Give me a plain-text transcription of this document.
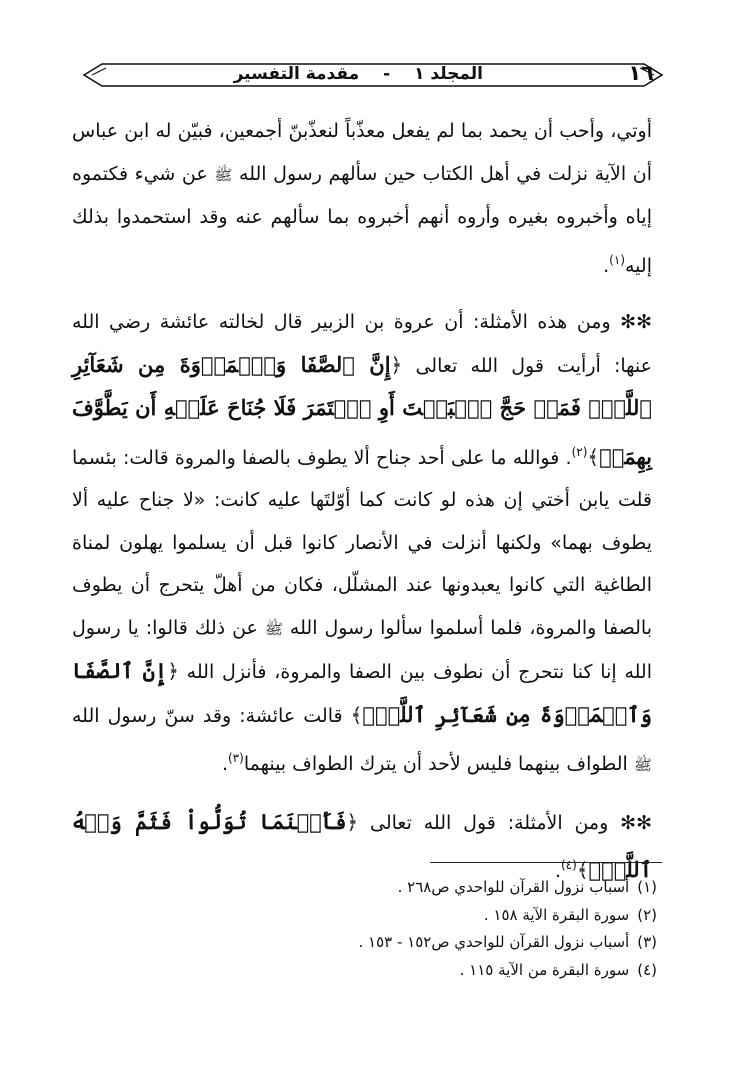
١٦
المجلد ١ - مقدمة التفسير

أوتي، وأحب أن يحمد بما لم يفعل معذّباً لنعذّبنّ أجمعين، فبيّن له ابن عباس أن الآية نزلت في أهل الكتاب حين سألهم رسول الله ﷺ عن شيء فكتموه إياه وأخبروه بغيره وأروه أنهم أخبروه بما سألهم عنه وقد استحمدوا بذلك إليه$^{(١)}$.

✻✻ ومن هذه الأمثلة: أن عروة بن الزبير قال لخالته عائشة رضي الله عنها: أرأيت قول الله تعالى ﴿إِنَّ ٱلصَّفَا وَٱلۡمَرۡوَةَ مِن شَعَآئِرِ ٱللَّهِۖ فَمَنۡ حَجَّ ٱلۡبَيۡتَ أَوِ ٱعۡتَمَرَ فَلَا جُنَاحَ عَلَيۡهِ أَن يَطَّوَّفَ بِهِمَاۚ﴾$^{(٢)}$. فوالله ما على أحد جناح ألا يطوف بالصفا والمروة قالت: بئسما قلت يابن أختي إن هذه لو كانت كما أوّلتَها عليه كانت: «لا جناح عليه ألا يطوف بهما» ولكنها أنزلت في الأنصار كانوا قبل أن يسلموا يهلون لمناة الطاغية التي كانوا يعبدونها عند المشلّل، فكان من أهلّ يتحرج أن يطوف بالصفا والمروة، فلما أسلموا سألوا رسول الله ﷺ عن ذلك قالوا: يا رسول الله إنا كنا نتحرج أن نطوف بين الصفا والمروة، فأنزل الله ﴿إِنَّ ٱلصَّفَا وَٱلۡمَرۡوَةَ مِن شَعَآئِرِ ٱللَّهِۖ﴾ قالت عائشة: وقد سنّ رسول الله ﷺ الطواف بينهما فليس لأحد أن يترك الطواف بينهما$^{(٣)}$.

✻✻ ومن الأمثلة: قول الله تعالى ﴿فَأَيۡنَمَا تُوَلُّواْ فَثَمَّ وَجۡهُ ٱللَّهِۚ﴾$^{(٤)}$.

(١)أسباب نزول القرآن للواحدي ص٢٦٨ .
(٢)سورة البقرة الآية ١٥٨ .
(٣)أسباب نزول القرآن للواحدي ص١٥٢ - ١٥٣ .
(٤)سورة البقرة من الآية ١١٥ .
